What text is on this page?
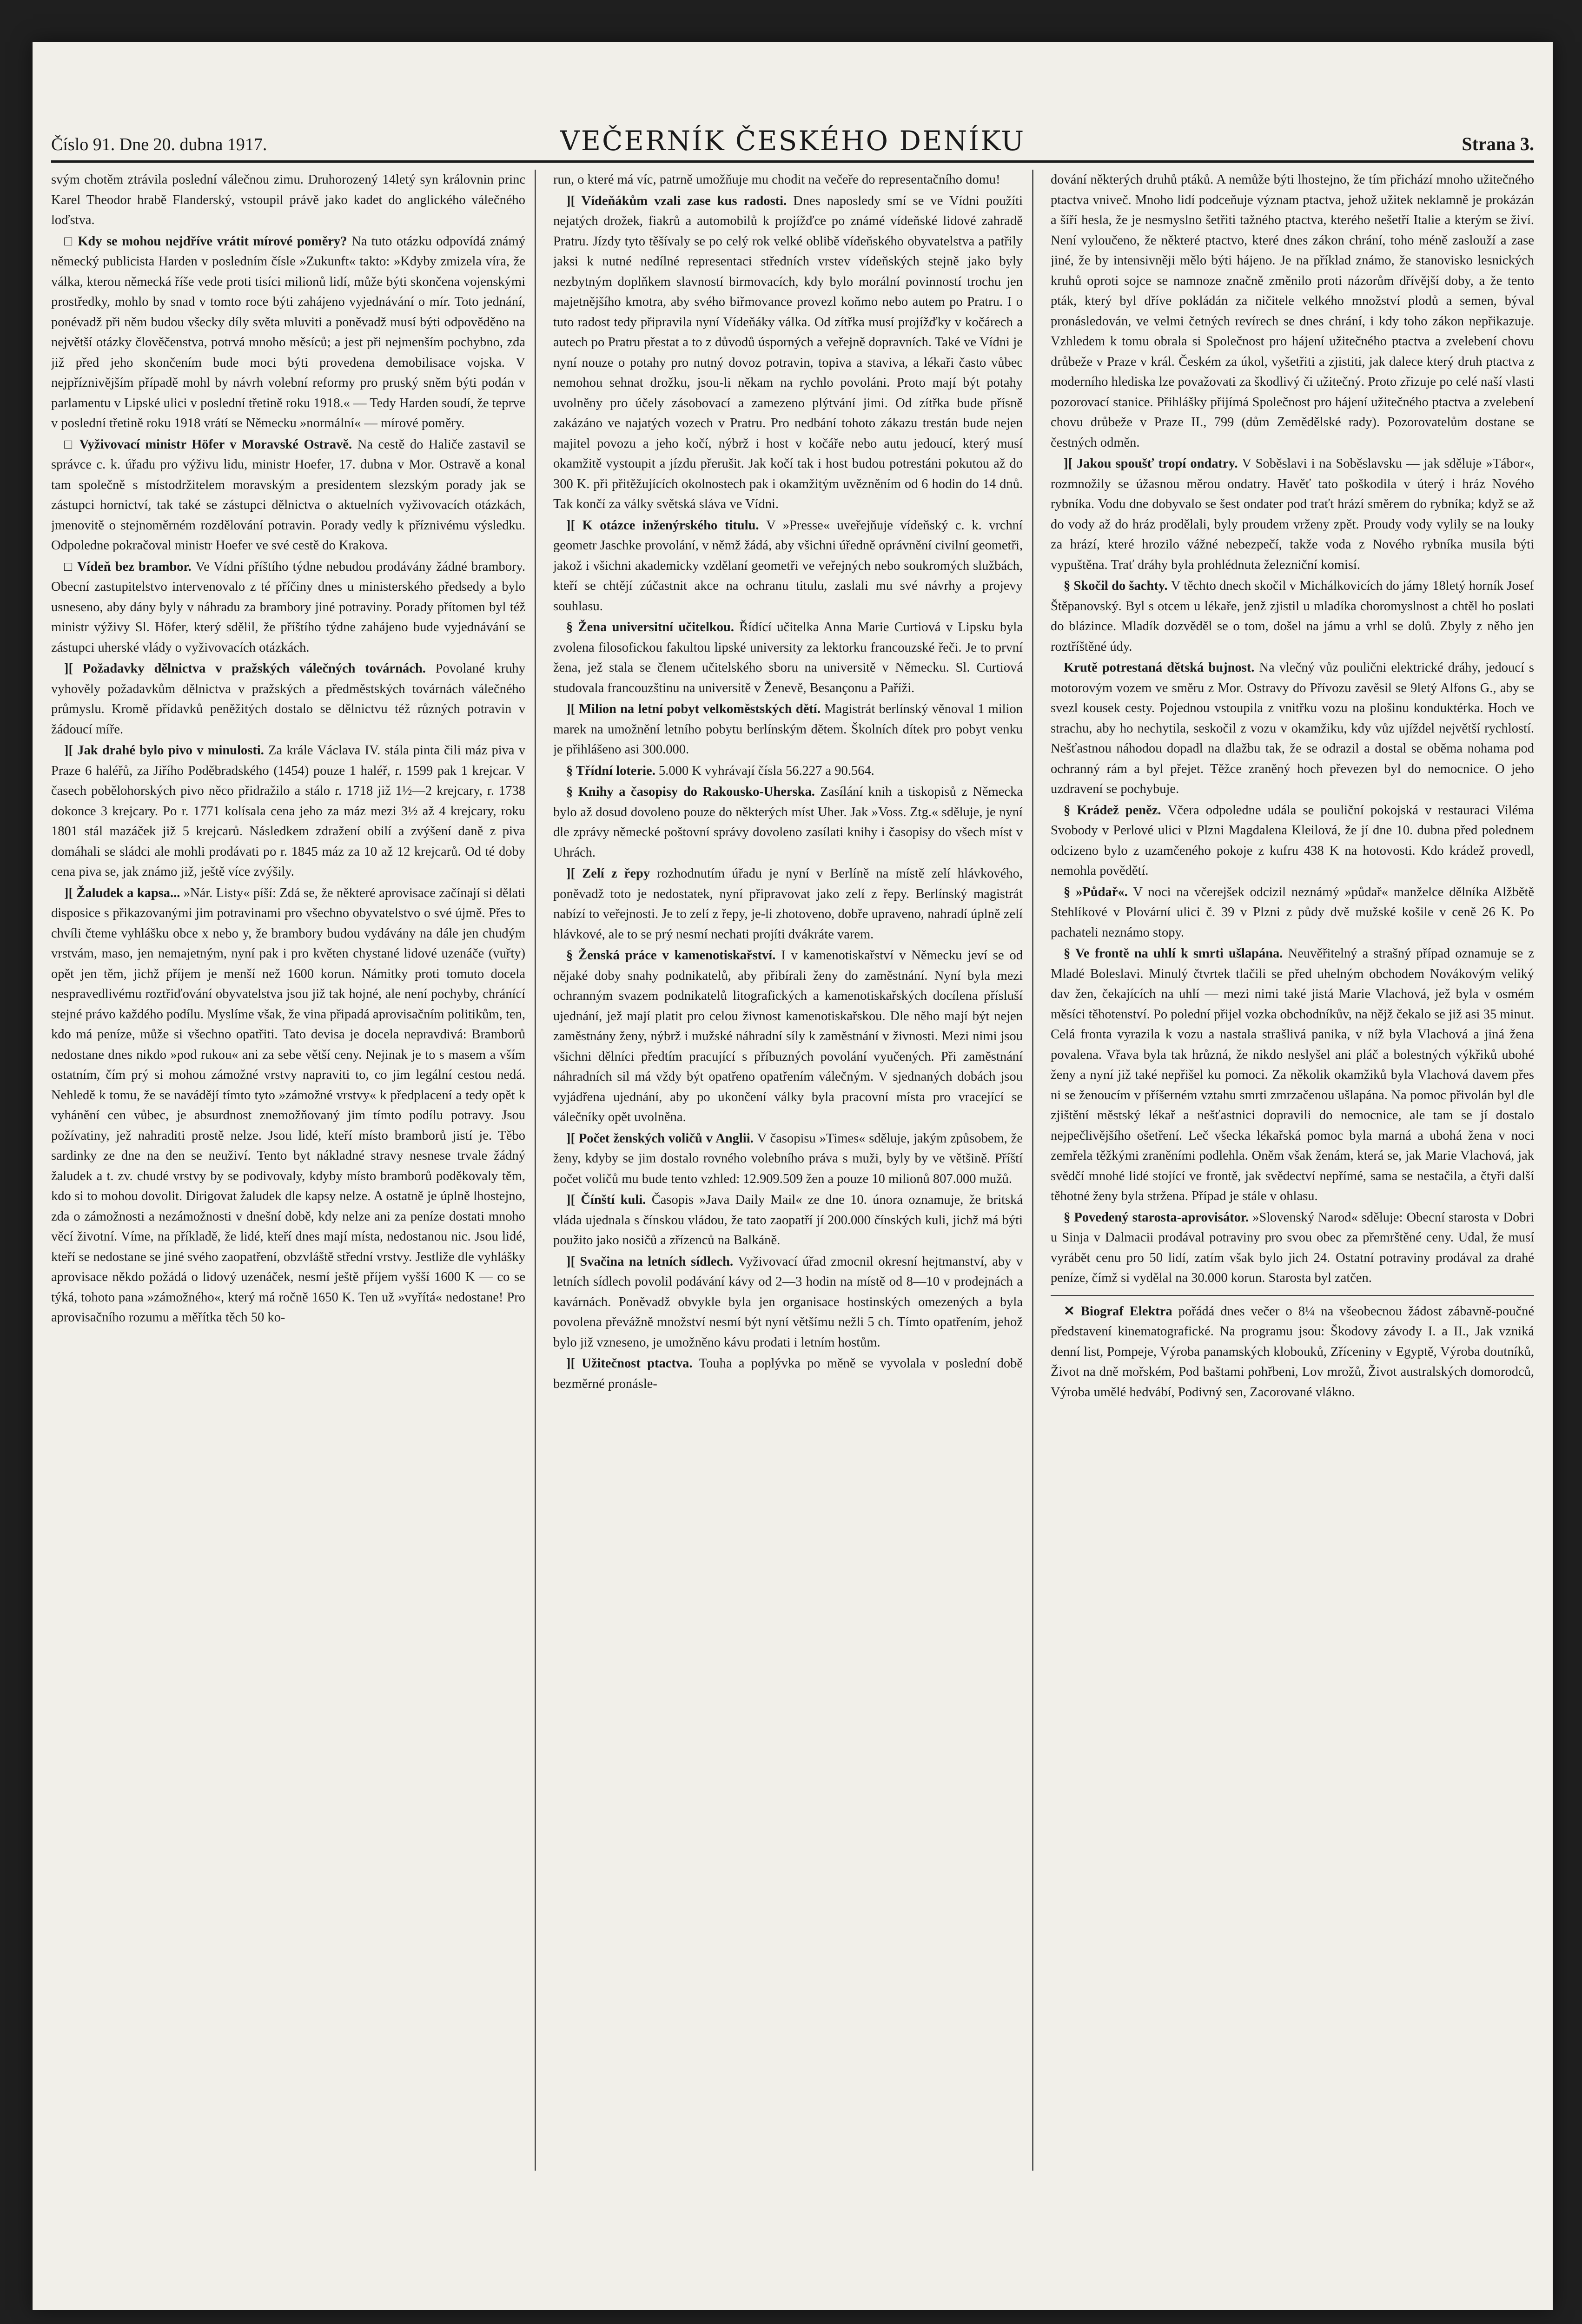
Číslo 91. Dne 20. dubna 1917.	VEČERNÍK ČESKÉHO DENÍKU	Strana 3.

svým chotěm ztrávila poslední válečnou zimu. Druhorozený 14letý syn královnin princ Karel Theodor hrabě Flanderský, vstoupil právě jako kadet do anglického válečného loďstva.

□ Kdy se mohou nejdříve vrátit mírové poměry? Na tuto otázku odpovídá známý německý publicista Harden v posledním čísle »Zukunft« takto: »Kdyby zmizela víra, že válka, kterou německá říše vede proti tisíci milionů lidí, může býti skončena vojenskými prostředky, mohlo by snad v tomto roce býti zahájeno vyjednávání o mír. Toto jednání, ponévadž při něm budou všecky díly světa mluviti a poněvadž musí býti odpověděno na největší otázky člověčenstva, potrvá mnoho měsíců; a jest při nejmenším pochybno, zda již před jeho skončením bude moci býti provedena demobilisace vojska. V nejpříznivějším případě mohl by návrh volební reformy pro pruský sněm býti podán v parlamentu v Lipské ulici v poslední třetině roku 1918.« — Tedy Harden soudí, že teprve v poslední třetině roku 1918 vrátí se Německu »normální« — mírové poměry.

□ Vyživovací ministr Höfer v Moravské Ostravě. Na cestě do Haliče zastavil se správce c. k. úřadu pro výživu lidu, ministr Hoefer, 17. dubna v Mor. Ostravě a konal tam společně s místodržitelem moravským a presidentem slezským porady jak se zástupci hornictví, tak také se zástupci dělnictva o aktuelních vyživovacích otázkách, jmenovitě o stejnoměrném rozdělování potravin. Porady vedly k příznivému výsledku. Odpoledne pokračoval ministr Hoefer ve své cestě do Krakova.

□ Vídeň bez brambor. Ve Vídni příštího týdne nebudou prodávány žádné brambory. Obecní zastupitelstvo intervenovalo z té příčiny dnes u ministerského předsedy a bylo usneseno, aby dány byly v náhradu za brambory jiné potraviny. Porady přítomen byl též ministr výživy Sl. Höfer, který sdělil, že příštího týdne zahájeno bude vyjednávání se zástupci uherské vlády o vyživovacích otázkách.

][ Požadavky dělnictva v pražských válečných továrnách. Povolané kruhy vyhověly požadavkům dělnictva v pražských a předměstských továrnách válečného průmyslu. Kromě přídavků peněžitých dostalo se dělnictvu též různých potravin v žádoucí míře.

][ Jak drahé bylo pivo v minulosti. Za krále Václava IV. stála pinta čili máz piva v Praze 6 haléřů, za Jiřího Poděbradského (1454) pouze 1 haléř, r. 1599 pak 1 krejcar. V časech pobělohorských pivo něco přidražilo a stálo r. 1718 již 1½—2 krejcary, r. 1738 dokonce 3 krejcary. Po r. 1771 kolísala cena jeho za máz mezi 3½ až 4 krejcary, roku 1801 stál mazáček již 5 krejcarů. Následkem zdražení obilí a zvýšení daně z piva domáhali se sládci ale mohli prodávati po r. 1845 máz za 10 až 12 krejcarů. Od té doby cena piva se, jak známo již, ještě více zvýšily.

][ Žaludek a kapsa... »Nár. Listy« píší: Zdá se, že některé aprovisace začínají si dělati disposice s přikazovanými jim potravinami pro všechno obyvatelstvo o své újmě. Přes to chvíli čteme vyhlášku obce x nebo y, že brambory budou vydávány na dále jen chudým vrstvám, maso, jen nemajetným, nyní pak i pro květen chystané lidové uzenáče (vuřty) opět jen těm, jichž příjem je menší než 1600 korun. Námitky proti tomuto docela nespravedlivému roztřiďování obyvatelstva jsou již tak hojné, ale není pochyby, chránící stejné právo každého podílu. Myslíme však, že vina připadá aprovisačním politikům, ten, kdo má peníze, může si všechno opatřiti. Tato devisa je docela nepravdivá: Bramborů nedostane dnes nikdo »pod rukou« ani za sebe větší ceny. Nejinak je to s masem a vším ostatním, čím prý si mohou zámožné vrstvy napraviti to, co jim legální cestou nedá. Nehledě k tomu, že se navádějí tímto tyto »zámožné vrstvy« k předplacení a tedy opět k vyhánění cen vůbec, je absurdnost znemožňovaný jim tímto podílu potravy. Jsou požívatiny, jež nahraditi prostě nelze. Jsou lidé, kteří místo bramborů jistí je. Těbo sardinky ze dne na den se neuživí. Tento byt nákladné stravy nesnese trvale žádný žaludek a t. zv. chudé vrstvy by se podivovaly, kdyby místo bramborů poděkovaly těm, kdo si to mohou dovolit. Dirigovat žaludek dle kapsy nelze. A ostatně je úplně lhostejno, zda o zámožnosti a nezámožnosti v dnešní době, kdy nelze ani za peníze dostati mnoho věcí životní. Víme, na příkladě, že lidé, kteří dnes mají místa, nedostanou nic. Jsou lidé, kteří se nedostane se jiné svého zaopatření, obzvláště střední vrstvy. Jestliže dle vyhlášky aprovisace někdo požádá o lidový uzenáček, nesmí ještě příjem vyšší 1600 K — co se týká, tohoto pana »zámožného«, který má ročně 1650 K. Ten už »vyřítá« nedostane! Pro aprovisačního rozumu a měřítka těch 50 ko-

run, o které má víc, patrně umožňuje mu chodit na večeře do representačního domu!

][ Vídeňákům vzali zase kus radosti. Dnes naposledy smí se ve Vídni použíti nejatých drožek, fiakrů a automobilů k projížďce po známé vídeňské lidové zahradě Pratru. Jízdy tyto těšívaly se po celý rok velké oblibě vídeňského obyvatelstva a patřily jaksi k nutné nedílné representaci středních vrstev vídeňských stejně jako byly nezbytným doplňkem slavností birmovacích, kdy bylo morální povinností trochu jen majetnějšího kmotra, aby svého biřmovance provezl koňmo nebo autem po Pratru. I o tuto radost tedy připravila nyní Vídeňáky válka. Od zítřka musí projížďky v kočárech a autech po Pratru přestat a to z důvodů úsporných a veřejně dopravních. Také ve Vídni je nyní nouze o potahy pro nutný dovoz potravin, topiva a staviva, a lékaři často vůbec nemohou sehnat drožku, jsou-li někam na rychlo povoláni. Proto mají být potahy uvolněny pro účely zásobovací a zamezeno plýtvání jimi. Od zítřka bude přísně zakázáno ve najatých vozech v Pratru. Pro nedbání tohoto zákazu trestán bude nejen majitel povozu a jeho kočí, nýbrž i host v kočáře nebo autu jedoucí, který musí okamžitě vystoupit a jízdu přerušit. Jak kočí tak i host budou potrestáni pokutou až do 300 K. při přitěžujících okolnostech pak i okamžitým uvězněním od 6 hodin do 14 dnů. Tak končí za války světská sláva ve Vídni.

][ K otázce inženýrského titulu. V »Presse« uveřejňuje vídeňský c. k. vrchní geometr Jaschke provolání, v němž žádá, aby všichni úředně oprávnění civilní geometři, jakož i všichni akademicky vzdělaní geometři ve veřejných nebo soukromých službách, kteří se chtějí zúčastnit akce na ochranu titulu, zaslali mu své návrhy a projevy souhlasu.

§ Žena universitní učitelkou. Řídící učitelka Anna Marie Curtiová v Lipsku byla zvolena filosofickou fakultou lipské university za lektorku francouzské řeči. Je to první žena, jež stala se členem učitelského sboru na universitě v Německu. Sl. Curtiová studovala francouzštinu na universitě v Ženevě, Besançonu a Paříži.

][ Milion na letní pobyt velkoměstských dětí. Magistrát berlínský věnoval 1 milion marek na umožnění letního pobytu berlínským dětem. Školních dítek pro pobyt venku je přihlášeno asi 300.000.

§ Třídní loterie. 5.000 K vyhrávají čísla 56.227 a 90.564.

§ Knihy a časopisy do Rakousko-Uherska. Zasílání knih a tiskopisů z Německa bylo až dosud dovoleno pouze do některých míst Uher. Jak »Voss. Ztg.« sděluje, je nyní dle zprávy německé poštovní správy dovoleno zasílati knihy i časopisy do všech míst v Uhrách.

][ Zelí z řepy rozhodnutím úřadu je nyní v Berlíně na místě zelí hlávkového, poněvadž toto je nedostatek, nyní připravovat jako zelí z řepy. Berlínský magistrát nabízí to veřejnosti. Je to zelí z řepy, je-li zhotoveno, dobře upraveno, nahradí úplně zelí hlávkové, ale to se prý nesmí nechati projíti dvákráte varem.

§ Ženská práce v kamenotiskařství. I v kamenotiskařství v Německu jeví se od nějaké doby snahy podnikatelů, aby přibírali ženy do zaměstnání. Nyní byla mezi ochranným svazem podnikatelů litografických a kamenotiskařských docílena přísluší ujednání, jež mají platit pro celou živnost kamenotiskařskou. Dle něho mají být nejen zaměstnány ženy, nýbrž i mužské náhradní síly k zaměstnání v živnosti. Mezi nimi jsou všichni dělníci předtím pracující s příbuzných povolání vyučených. Při zaměstnání náhradních sil má vždy být opatřeno opatřením válečným. V sjednaných dobách jsou vyjádřena ujednání, aby po ukončení války byla pracovní místa pro vracející se válečníky opět uvolněna.

][ Počet ženských voličů v Anglii. V časopisu »Times« sděluje, jakým způsobem, že ženy, kdyby se jim dostalo rovného volebního práva s muži, byly by ve většině. Příští počet voličů mu bude tento vzhled: 12.909.509 žen a pouze 10 milionů 807.000 mužů.

][ Čínští kuli. Časopis »Java Daily Mail« ze dne 10. února oznamuje, že britská vláda ujednala s čínskou vládou, že tato zaopatří jí 200.000 čínských kuli, jichž má býti použito jako nosičů a zřízenců na Balkáně.

][ Svačina na letních sídlech. Vyživovací úřad zmocnil okresní hejtmanství, aby v letních sídlech povolil podávání kávy od 2—3 hodin na místě od 8—10 v prodejnách a kavárnách. Poněvadž obvykle byla jen organisace hostinských omezených a byla povolena převážně množství nesmí být nyní většímu nežli 5 ch. Tímto opatřením, jehož bylo již vzneseno, je umožněno kávu prodati i letním hostům.

][ Užitečnost ptactva. Touha a poplývka po měně se vyvolala v poslední době bezměrné pronásle-

dování některých druhů ptáků. A nemůže býti lhostejno, že tím přichází mnoho užitečného ptactva vniveč. Mnoho lidí podceňuje význam ptactva, jehož užitek neklamně je prokázán a šíří hesla, že je nesmyslno šetřiti tažného ptactva, kterého nešetří Italie a kterým se živí. Není vyloučeno, že některé ptactvo, které dnes zákon chrání, toho méně zaslouží a zase jiné, že by intensivněji mělo býti hájeno. Je na příklad známo, že stanovisko lesnických kruhů oproti sojce se namnoze značně změnilo proti názorům dřívější doby, a že tento pták, který byl dříve pokládán za ničitele velkého množství plodů a semen, býval pronásledován, ve velmi četných revírech se dnes chrání, i kdy toho zákon nepřikazuje. Vzhledem k tomu obrala si Společnost pro hájení užitečného ptactva a zvelebení chovu drůbeže v Praze v král. Českém za úkol, vyšetřiti a zjistiti, jak dalece který druh ptactva z moderního hlediska lze považovati za škodlivý či užitečný. Proto zřizuje po celé naší vlasti pozorovací stanice. Přihlášky přijímá Společnost pro hájení užitečného ptactva a zvelebení chovu drůbeže v Praze II., 799 (dům Zemědělské rady). Pozorovatelům dostane se čestných odměn.

][ Jakou spoušť tropí ondatry. V Soběslavi i na Soběslavsku — jak sděluje »Tábor«, rozmnožily se úžasnou měrou ondatry. Havěť tato poškodila v úterý i hráz Nového rybníka. Vodu dne dobyvalo se šest ondater pod traťt hrází směrem do rybníka; když se až do vody až do hráz prodělali, byly proudem vrženy zpět. Proudy vody vylily se na louky za hrází, které hrozilo vážné nebezpečí, takže voda z Nového rybníka musila býti vypuštěna. Trať dráhy byla prohlédnuta železniční komisí.

§ Skočil do šachty. V těchto dnech skočil v Michálkovicích do jámy 18letý horník Josef Štěpanovský. Byl s otcem u lékaře, jenž zjistil u mladíka choromyslnost a chtěl ho poslati do blázince. Mladík dozvěděl se o tom, došel na jámu a vrhl se dolů. Zbyly z něho jen roztříštěné údy.

Krutě potrestaná dětská bujnost. Na vlečný vůz poulični elektrické dráhy, jedoucí s motorovým vozem ve směru z Mor. Ostravy do Přívozu zavěsil se 9letý Alfons G., aby se svezl kousek cesty. Pojednou vstoupila z vnitřku vozu na plošinu konduktérka. Hoch ve strachu, aby ho nechytila, seskočil z vozu v okamžiku, kdy vůz ujíždel největší rychlostí. Nešťastnou náhodou dopadl na dlažbu tak, že se odrazil a dostal se oběma nohama pod ochranný rám a byl přejet. Těžce zraněný hoch převezen byl do nemocnice. O jeho uzdravení se pochybuje.

§ Krádež peněz. Včera odpoledne udála se pouliční pokojská v restauraci Viléma Svobody v Perlové ulici v Plzni Magdalena Kleilová, že jí dne 10. dubna před polednem odcizeno bylo z uzamčeného pokoje z kufru 438 K na hotovosti. Kdo krádež provedl, nemohla povědětí.

§ »Půdař«. V noci na včerejšek odcizil neznámý »půdař« manželce dělníka Alžbětě Stehlíkové v Plovární ulici č. 39 v Plzni z půdy dvě mužské košile v ceně 26 K. Po pachateli neznámo stopy.

§ Ve frontě na uhlí k smrti ušlapána. Neuvěřitelný a strašný případ oznamuje se z Mladé Boleslavi. Minulý čtvrtek tlačili se před uhelným obchodem Novákovým veliký dav žen, čekajících na uhlí — mezi nimi také jistá Marie Vlachová, jež byla v osmém měsíci těhotenství. Po polední přijel vozka obchodníkův, na nějž čekalo se již asi 35 minut. Celá fronta vyrazila k vozu a nastala strašlivá panika, v níž byla Vlachová a jiná žena povalena. Vřava byla tak hrůzná, že nikdo neslyšel ani pláč a bolestných výkřiků ubohé ženy a nyní již také nepřišel ku pomoci. Za několik okamžiků byla Vlachová davem přes ni se ženoucím v příšerném vztahu smrti zmrzačenou ušlapána. Na pomoc přivolán byl dle zjištění městský lékař a nešťastnici dopravili do nemocnice, ale tam se jí dostalo nejpečlivějšího ošetření. Leč všecka lékařská pomoc byla marná a ubohá žena v noci zemřela těžkými zraněními podlehla. Oněm však ženám, která se, jak Marie Vlachová, jak svědčí mnohé lidé stojící ve frontě, jak svědectví nepřímé, sama se nestačila, a čtyři další těhotné ženy byla stržena. Případ je stále v ohlasu.

§ Povedený starosta-aprovisátor. »Slovenský Narod« sděluje: Obecní starosta v Dobri u Sinja v Dalmacii prodával potraviny pro svou obec za přemrštěné ceny. Udal, že musí vyrábět cenu pro 50 lidí, zatím však bylo jich 24. Ostatní potraviny prodával za drahé peníze, čímž si vydělal na 30.000 korun. Starosta byl zatčen.

✕ Biograf Elektra pořádá dnes večer o 8¼ na všeobecnou žádost zábavně-poučné představení kinematografické. Na programu jsou: Škodovy závody I. a II., Jak vzniká denní list, Pompeje, Výroba panamských klobouků, Zříceniny v Egyptě, Výroba doutníků, Život na dně mořském, Pod baštami pohřbeni, Lov mrožů, Život australských domorodců, Výroba umělé hedvábí, Podivný sen, Zacorované vlákno.
